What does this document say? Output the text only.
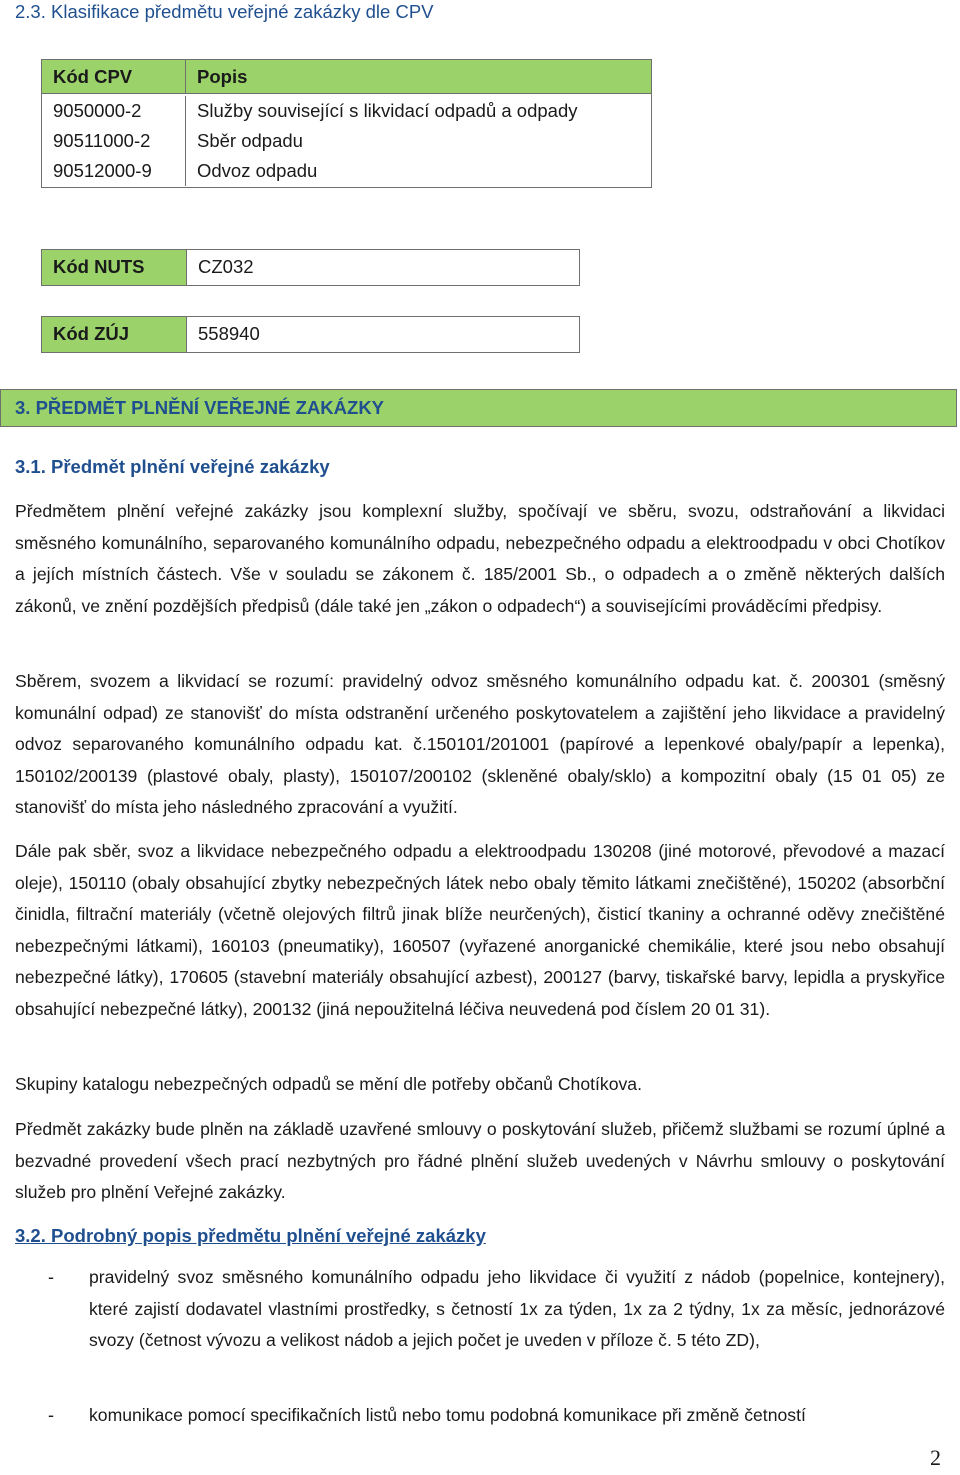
2.3. Klasifikace předmětu veřejné zakázky dle CPV
Kód CPV	Popis
9050000-2	Služby související s likvidací odpadů a odpady
90511000-2	Sběr odpadu
90512000-9	Odvoz odpadu
Kód NUTS	CZ032
Kód ZÚJ	558940
3. PŘEDMĚT PLNĚNÍ VEŘEJNÉ ZAKÁZKY
3.1. Předmět plnění veřejné zakázky

Předmětem plnění veřejné zakázky jsou komplexní služby, spočívají ve sběru, svozu, odstraňování a likvidaci směsného komunálního, separovaného komunálního odpadu, nebezpečného odpadu a elektroodpadu v obci Chotíkov a jejích místních částech. Vše v souladu se zákonem č. 185/2001 Sb., o odpadech a o změně některých dalších zákonů, ve znění pozdějších předpisů (dále také jen „zákon o odpadech“) a souvisejícími prováděcími předpisy.

Sběrem, svozem a likvidací se rozumí: pravidelný odvoz směsného komunálního odpadu kat. č. 200301 (směsný komunální odpad) ze stanovišť do místa odstranění určeného poskytovatelem a zajištění jeho likvidace a pravidelný odvoz separovaného komunálního odpadu kat. č.150101/201001 (papírové a lepenkové obaly/papír a lepenka), 150102/200139 (plastové obaly, plasty), 150107/200102 (skleněné obaly/sklo) a kompozitní obaly (15 01 05) ze stanovišť do místa jeho následného zpracování a využití.

Dále pak sběr, svoz a likvidace nebezpečného odpadu a elektroodpadu 130208 (jiné motorové, převodové a mazací oleje), 150110 (obaly obsahující zbytky nebezpečných látek nebo obaly těmito látkami znečištěné), 150202 (absorbční činidla, filtrační materiály (včetně olejových filtrů jinak blíže neurčených), čisticí tkaniny a ochranné oděvy znečištěné nebezpečnými látkami), 160103 (pneumatiky), 160507 (vyřazené anorganické chemikálie, které jsou nebo obsahují nebezpečné látky), 170605 (stavební materiály obsahující azbest), 200127 (barvy, tiskařské barvy, lepidla a pryskyřice obsahující nebezpečné látky), 200132 (jiná nepoužitelná léčiva neuvedená pod číslem 20 01 31).

Skupiny katalogu nebezpečných odpadů se mění dle potřeby občanů Chotíkova.

Předmět zakázky bude plněn na základě uzavřené smlouvy o poskytování služeb, přičemž službami se rozumí úplné a bezvadné provedení všech prací nezbytných pro řádné plnění služeb uvedených v Návrhu smlouvy o poskytování služeb pro plnění Veřejné zakázky.

3.2. Podrobný popis předmětu plnění veřejné zakázky
- pravidelný svoz směsného komunálního odpadu jeho likvidace či využití z nádob (popelnice, kontejnery), které zajistí dodavatel vlastními prostředky, s četností 1x za týden, 1x za 2 týdny, 1x za měsíc, jednorázové svozy (četnost vývozu a velikost nádob a jejich počet je uveden v příloze č. 5 této ZD),

- komunikace pomocí specifikačních listů nebo tomu podobná komunikace při změně četností

2
